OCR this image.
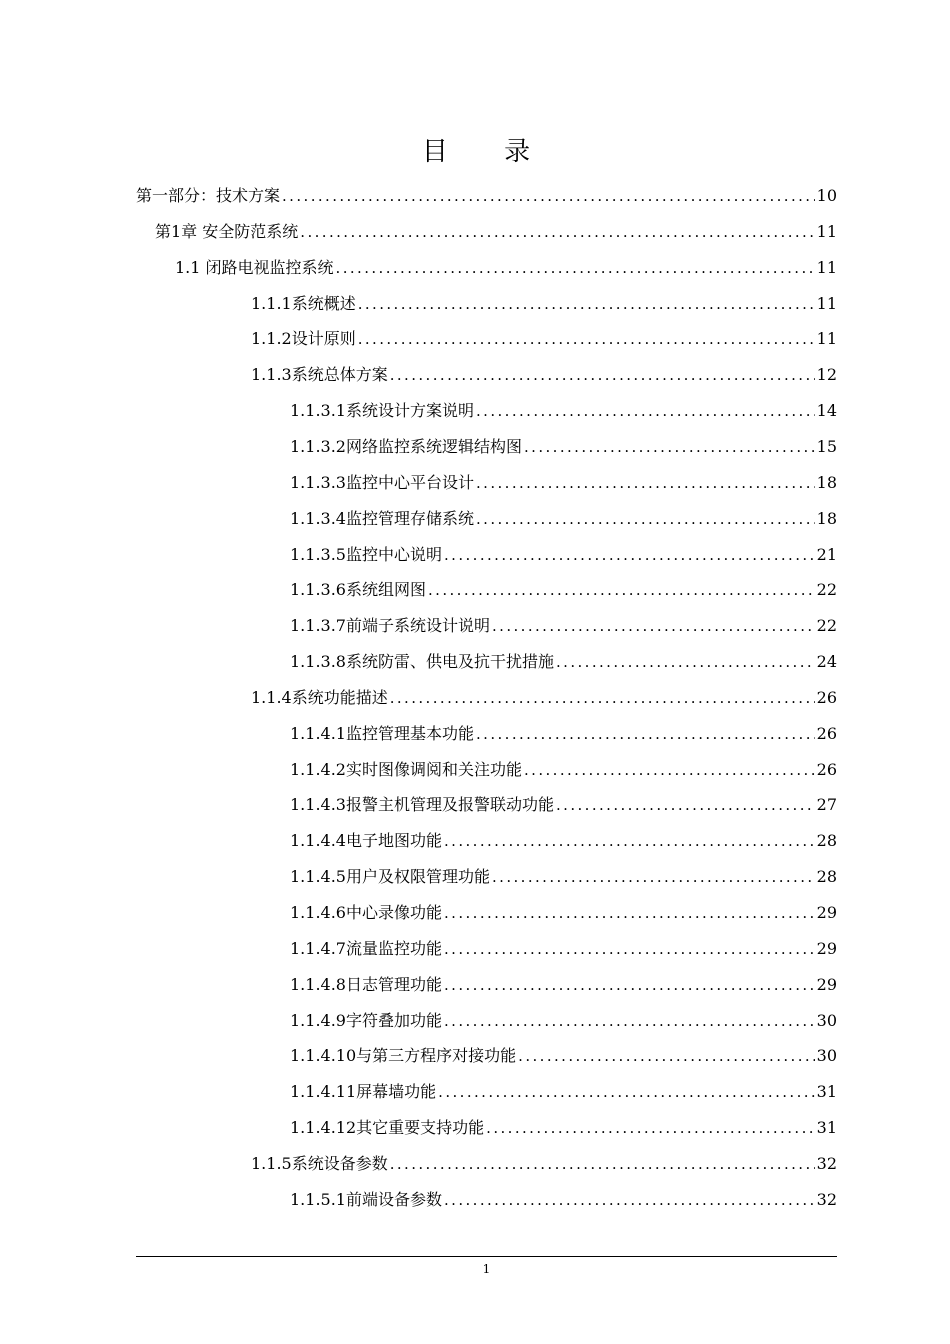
目 录
第一部分：技术方案 .....	10
第1章 安全防范系统 .....	11
1.1 闭路电视监控系统 .....	11
1.1.1系统概述 .....	11
1.1.2设计原则 .....	11
1.1.3系统总体方案 .....	12
1.1.3.1系统设计方案说明 .....	14
1.1.3.2网络监控系统逻辑结构图 .....	15
1.1.3.3监控中心平台设计 .....	18
1.1.3.4监控管理存储系统 .....	18
1.1.3.5监控中心说明 .....	21
1.1.3.6系统组网图 .....	22
1.1.3.7前端子系统设计说明 .....	22
1.1.3.8系统防雷、供电及抗干扰措施 .....	24
1.1.4系统功能描述 .....	26
1.1.4.1监控管理基本功能 .....	26
1.1.4.2实时图像调阅和关注功能 .....	26
1.1.4.3报警主机管理及报警联动功能 .....	27
1.1.4.4电子地图功能 .....	28
1.1.4.5用户及权限管理功能 .....	28
1.1.4.6中心录像功能 .....	29
1.1.4.7流量监控功能 .....	29
1.1.4.8日志管理功能 .....	29
1.1.4.9字符叠加功能 .....	30
1.1.4.10与第三方程序对接功能 .....	30
1.1.4.11屏幕墙功能 .....	31
1.1.4.12其它重要支持功能 .....	31
1.1.5系统设备参数 .....	32
1.1.5.1前端设备参数 .....	32
1
